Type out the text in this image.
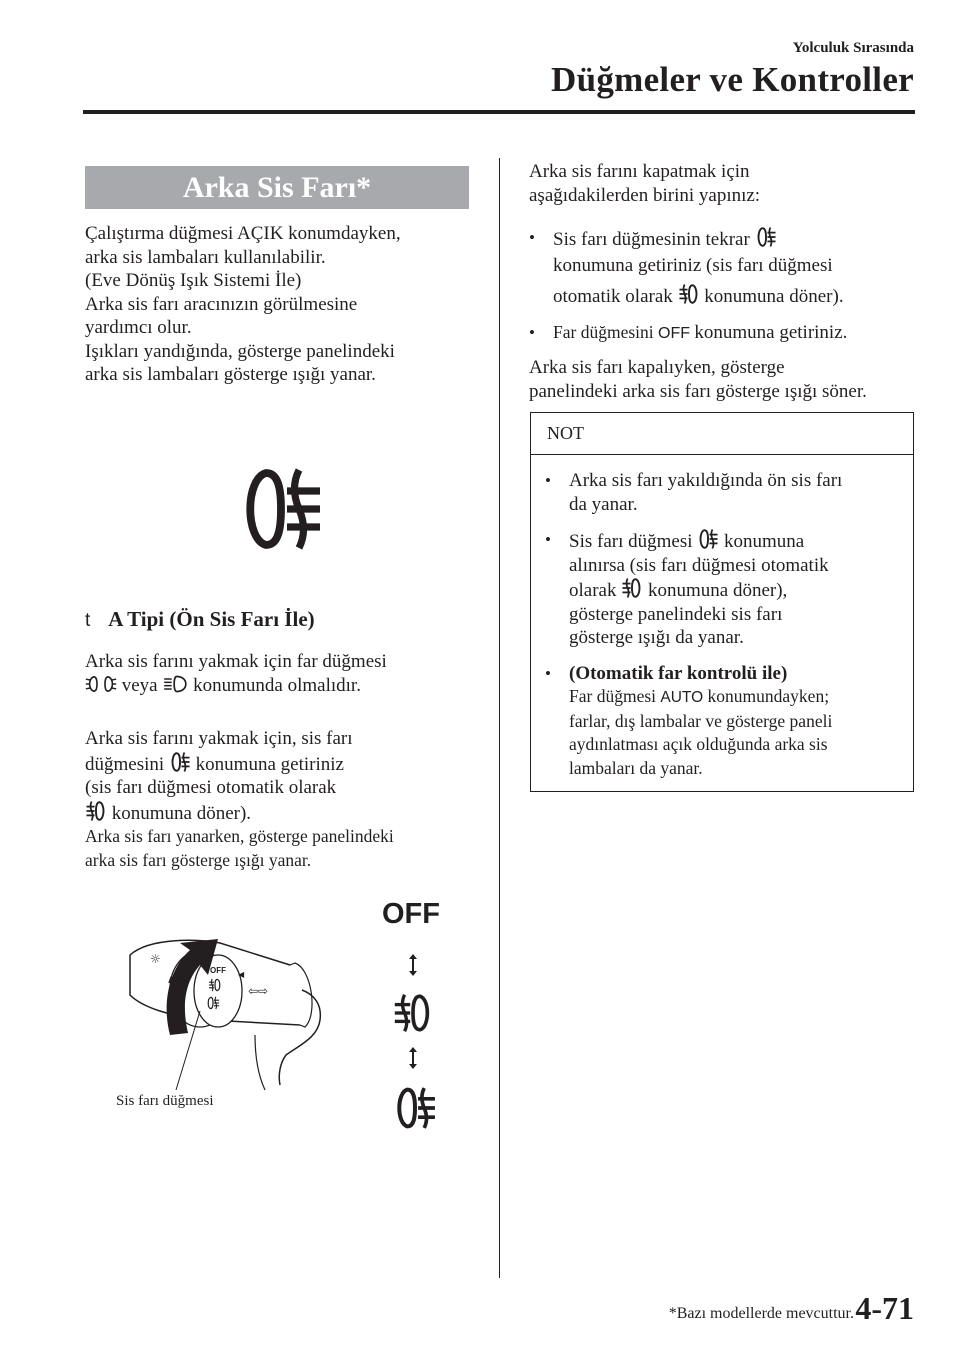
Yolculuk Sırasında
Düğmeler ve Kontroller
Arka Sis Farı*
Çalıştırma düğmesi AÇIK konumdayken,
arka sis lambaları kullanılabilir.
(Eve Dönüş Işık Sistemi İle)
Arka sis farı aracınızın görülmesine
yardımcı olur.
Işıkları yandığında, gösterge panelindeki
arka sis lambaları gösterge ışığı yanar.
t A Tipi (Ön Sis Farı İle)
Arka sis farını yakmak için far düğmesi
veya konumunda olmalıdır.
Arka sis farını yakmak için, sis farı
düğmesini konumuna getiriniz
(sis farı düğmesi otomatik olarak
konumuna döner).
Arka sis farı yanarken, gösterge panelindeki
arka sis farı gösterge ışığı yanar.
☼
AU
OFF ◀
⇦⇨
Sis farı düğmesi
OFF
Arka sis farını kapatmak için
aşağıdakilerden birini yapınız:
• Sis farı düğmesinin tekrar
konumuna getiriniz (sis farı düğmesi
otomatik olarak konumuna döner).
•	Far düğmesini OFF konumuna getiriniz.
Arka sis farı kapalıyken, gösterge
panelindeki arka sis farı gösterge ışığı söner.
NOT
• Arka sis farı yakıldığında ön sis farı
da yanar.
• Sis farı düğmesi konumuna
alınırsa (sis farı düğmesi otomatik
olarak konumuna döner),
gösterge panelindeki sis farı
gösterge ışığı da yanar.
• (Otomatik far kontrolü ile)
Far düğmesi AUTO konumundayken;
farlar, dış lambalar ve gösterge paneli
aydınlatması açık olduğunda arka sis
lambaları da yanar.
*Bazı modellerde mevcuttur. 4-71
